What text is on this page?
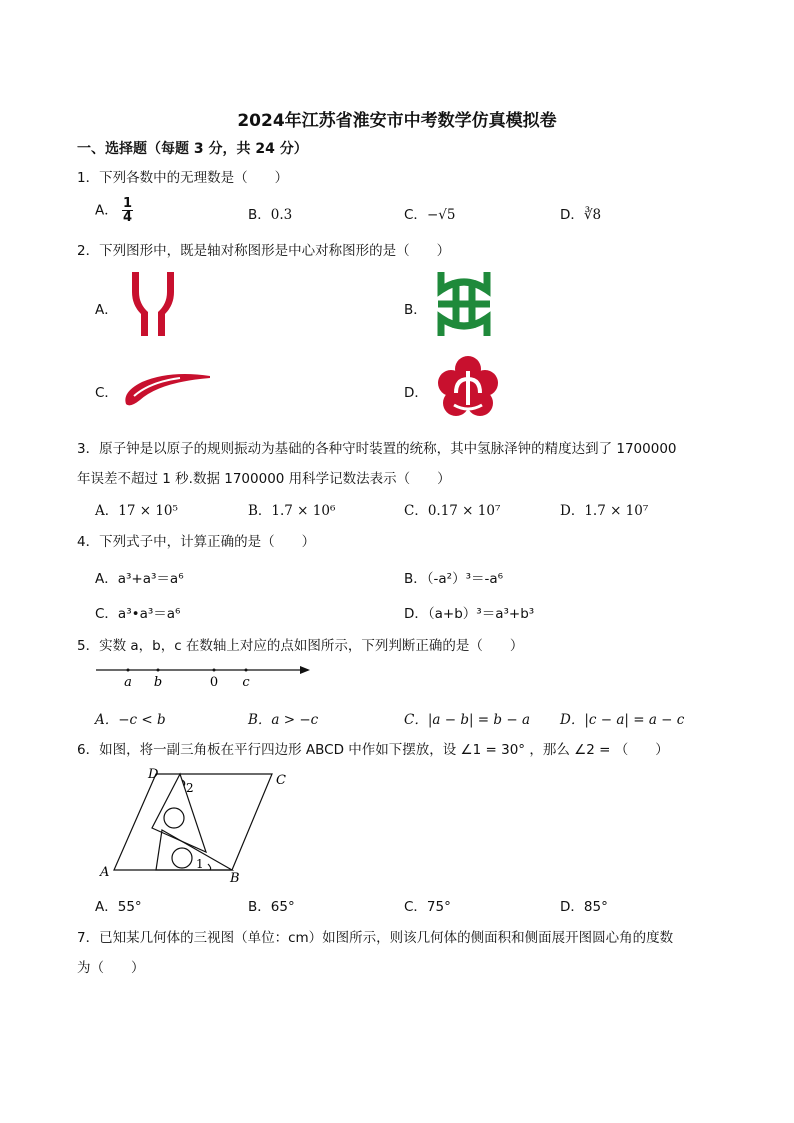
2024年江苏省淮安市中考数学仿真模拟卷
一、选择题（每题 3 分，共 24 分）
1．下列各数中的无理数是（　　）
A． $\frac{1}{4}$	B．0.3	C．−√5	D．∛8
2．下列图形中，既是轴对称图形是中心对称图形的是（　　）
A．	B．
C．	D．
3．原子钟是以原子的规则振动为基础的各种守时装置的统称，其中氢脉泽钟的精度达到了 1700000
年误差不超过 1 秒.数据 1700000 用科学记数法表示（　　）
A．17 × 10⁵	B．1.7 × 10⁶	C．0.17 × 10⁷	D．1.7 × 10⁷
4．下列式子中，计算正确的是（　　）
A．a³+a³＝a⁶	B．（-a²）³＝-a⁶
C．a³•a³＝a⁶	D．（a+b）³＝a³+b³
5．实数 a，b，c 在数轴上对应的点如图所示，下列判断正确的是（　　）
a b	0 c
A．−c < b	B．a > −c	C．|a − b| = b − a D．|c − a| = a − c
6．如图，将一副三角板在平行四边形 ABCD 中作如下摆放，设 ∠1 = 30° ，那么 ∠2 = （　　）
D	C
A	B
1
2
A．55°	B．65°	C．75°	D．85°
7．已知某几何体的三视图（单位：cm）如图所示，则该几何体的侧面积和侧面展开图圆心角的度数
为（　　）
